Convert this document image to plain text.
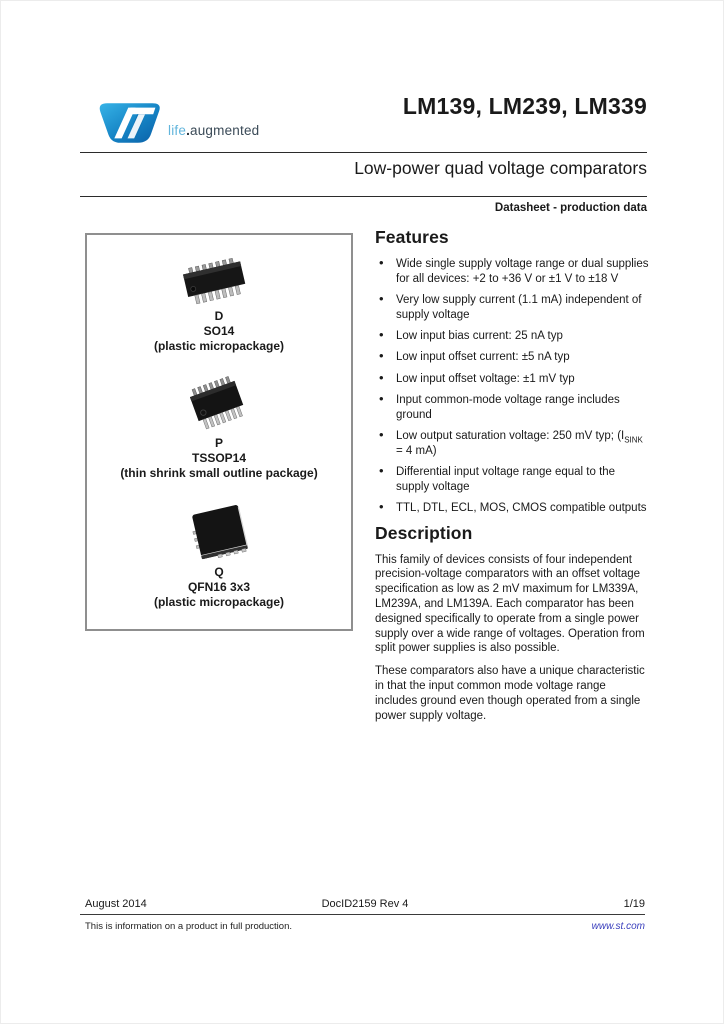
life.augmented
LM139, LM239, LM339
Low-power quad voltage comparators
Datasheet - production data
D
SO14
(plastic micropackage)
P
TSSOP14
(thin shrink small outline package)
Q
QFN16 3x3
(plastic micropackage)
Features
• Wide single supply voltage range or dual supplies for all devices: +2 to +36 V or ±1 V to ±18 V
• Very low supply current (1.1 mA) independent of supply voltage
• Low input bias current: 25 nA typ
• Low input offset current: ±5 nA typ
• Low input offset voltage: ±1 mV typ
• Input common-mode voltage range includes ground
• Low output saturation voltage: 250 mV typ; ($I_{SINK} = 4$ mA)
• Differential input voltage range equal to the supply voltage
• TTL, DTL, ECL, MOS, CMOS compatible outputs
Description

This family of devices consists of four independent precision-voltage comparators with an offset voltage specification as low as 2 mV maximum for LM339A, LM239A, and LM139A. Each comparator has been designed specifically to operate from a single power supply over a wide range of voltages. Operation from split power supplies is also possible.

These comparators also have a unique characteristic in that the input common mode voltage range includes ground even though operated from a single power supply voltage.

August 2014	DocID2159 Rev 4	1/19
This is information on a product in full production.	www.st.com
